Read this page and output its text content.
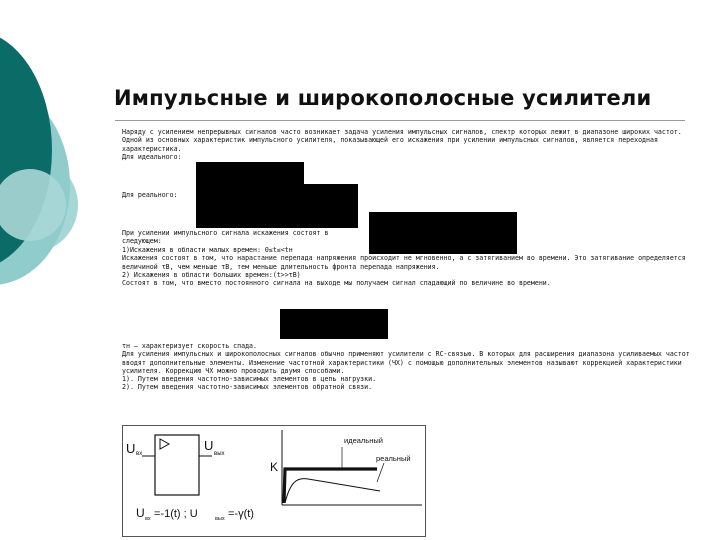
Импульсные и широкополосные усилители

Наряду с усилением непрерывных сигналов часто возникает задача усиления импульсных сигналов, спектр которых лежит в диапазоне широких частот. Одной из основных характеристик импульсного усилителя, показывающей его искажения при усилении импульсных сигналов, является переходная характеристика.

Для идеального:

Для реального:

При усилении импульсного сигнала искажения состоят в следующем:

1)Искажения в области малых времен: 0≤t≤<tн

Искажения состоят в том, что нарастание перепада напряжения происходит не мгновенно, а с затягиванием во времени. Это затягивание определяется величиной τВ, чем меньше τВ, тем меньше длительность фронта перепада напряжения.

2) Искажения в области больших времен:(t>>τВ)

Состоят в том, что вместо постоянного сигнала на выходе мы получаем сигнал спадающий по величине во времени.

τн – характеризует скорость спада.

Для усиления импульсных и широкополосных сигналов обычно применяют усилители с RC-связью. В которых для расширения диапазона усиливаемых частот вводят дополнительные элементы. Изменение частотной характеристики (ЧХ) с помощью дополнительных элементов называют коррекцией характеристики усилителя. Коррекцию ЧХ можно проводить двумя способами.

1). Путем введения частотно-зависимых элементов в цепь нагрузки.

2). Путем введения частотно-зависимых элементов обратной связи.

U вх
U
вых
U вх =-1(t) ; U	вых =-γ(t)
K
идеальный
реальный
